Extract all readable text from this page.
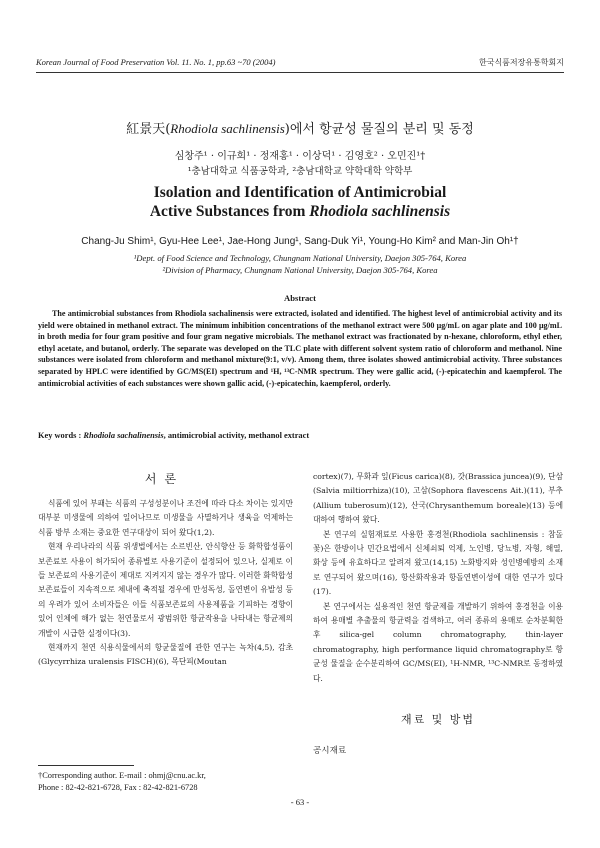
Korean Journal of Food Preservation Vol. 11. No. 1, pp.63 ~70 (2004)	한국식품저장유통학회지
紅景天(Rhodiola sachlinensis)에서 항균성 물질의 분리 및 동정
심창주¹ · 이규희¹ · 정재홍¹ · 이상덕¹ · 김영호² · 오민진¹†
¹충남대학교 식품공학과, ²충남대학교 약학대학 약학부
Isolation and Identification of Antimicrobial
Active Substances from Rhodiola sachlinensis
Chang-Ju Shim¹, Gyu-Hee Lee¹, Jae-Hong Jung¹, Sang-Duk Yi¹, Young-Ho Kim² and Man-Jin Oh¹†
¹Dept. of Food Science and Technology, Chungnam National University, Daejon 305-764, Korea
²Division of Pharmacy, Chungnam National University, Daejon 305-764, Korea
Abstract
The antimicrobial substances from Rhodiola sachalinensis were extracted, isolated and identified. The highest level of antimicrobial activity and its yield were obtained in methanol extract. The minimum inhibition concentrations of the methanol extract were 500 μg/mL on agar plate and 100 μg/mL in broth media for four gram positive and four gram negative microbials. The methanol extract was fractionated by n-hexane, chloroform, ethyl ether, ethyl acetate, and butanol, orderly. The separate was developed on the TLC plate with different solvent system ratio of chloroform and methanol. Nine substances were isolated from chloroform and methanol mixture(9:1, v/v). Among them, three isolates showed antimicrobial activity. Three substances separated by HPLC were identified by GC/MS(EI) spectrum and ¹H, ¹³C-NMR spectrum. They were gallic acid, (-)-epicatechin and kaempferol. The antimicrobial activities of each substances were shown gallic acid, (-)-epicatechin, kaempferol, orderly.
Key words : Rhodiola sachalinensis, antimicrobial activity, methanol extract
서론

식품에 있어 부패는 식품의 구성성분이나 조건에 따라 다소 차이는 있지만 대부분 미생물에 의하여 일어나므로 미생물을 사멸하거나 생육을 억제하는 식품 방부 소재는 중요한 연구대상이 되어 왔다(1,2).

현재 우리나라의 식품 위생법에서는 소르빈산, 안식향산 등 화학합성품이 보존료로 사용이 허가되어 종류별로 사용기준이 설정되어 있으나, 실제로 이들 보존료의 사용기준이 제대로 지켜지지 않는 경우가 많다. 이러한 화학합성 보존료들이 지속적으로 체내에 축적될 경우에 만성독성, 돌연변이 유발성 등의 우려가 있어 소비자들은 이들 식품보존료의 사용제품을 기피하는 경향이 있어 인체에 해가 없는 천연물로서 광범위한 항균작용을 나타내는 항균제의 개발이 시급한 실정이다(3).

현재까지 천연 식용식물에서의 항균물질에 관한 연구는 녹차(4,5), 감초(Glycyrrhiza uralensis FISCH)(6), 목단피(Moutan

cortex)(7), 무화과 잎(Ficus carica)(8), 갓(Brassica juncea)(9), 단삼(Salvia miltiorrhiza)(10), 고삼(Sophora flavescens Ait.)(11), 부추(Allium tuberosum)(12), 산국(Chrysanthemum boreale)(13) 등에 대하여 행하여 왔다.

본 연구의 실험재료로 사용한 홍경천(Rhodiola sachlinensis : 참돌꽃)은 한방이나 민간요법에서 신체쇠퇴 억제, 노인병, 당뇨병, 자형, 해열, 화상 등에 유효하다고 알려져 왔고(14,15) 노화방지와 성인병예방의 소재로 연구되어 왔으며(16), 항산화작용과 항돌연변이성에 대한 연구가 있다(17).

본 연구에서는 실용적인 천연 항균제를 개발하기 위하여 홍경천을 이용하여 용매별 추출물의 항균력을 검색하고, 여러 종류의 용매로 순차분획한 후 silica-gel column chromatography, thin-layer chromatography, high performance liquid chromatography로 항균성 물질을 순수분리하여 GC/MS(EI), ¹H-NMR, ¹³C-NMR로 동정하였다.

재료 및 방법
공시재료
†Corresponding author. E-mail : ohmj@cnu.ac.kr,
Phone : 82-42-821-6728, Fax : 82-42-821-6728
- 63 -
